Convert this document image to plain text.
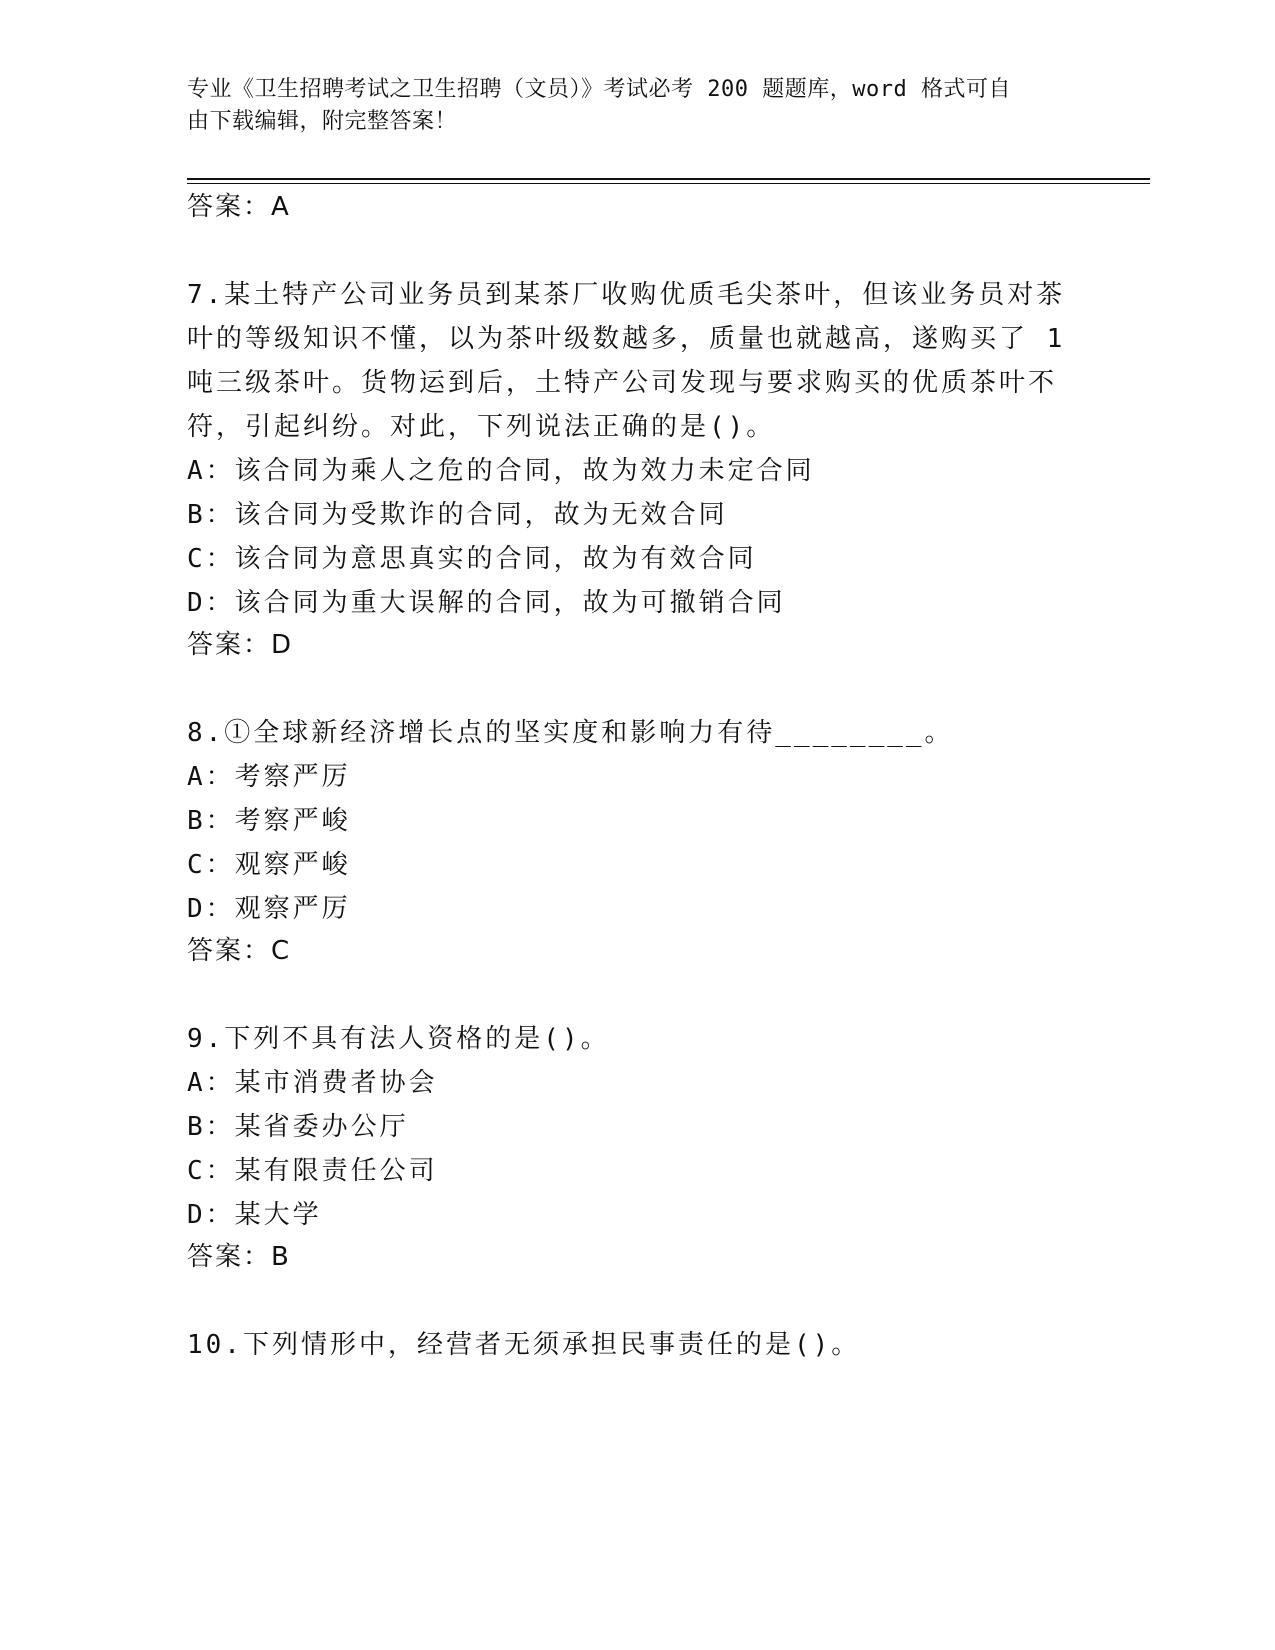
专业《卫生招聘考试之卫生招聘（文员）》考试必考 200 题题库，word 格式可自
由下载编辑，附完整答案！
答案：A
7.某土特产公司业务员到某茶厂收购优质毛尖茶叶，但该业务员对茶
叶的等级知识不懂，以为茶叶级数越多，质量也就越高，遂购买了 1
吨三级茶叶。货物运到后，土特产公司发现与要求购买的优质茶叶不
符，引起纠纷。对此，下列说法正确的是()。
A：该合同为乘人之危的合同，故为效力未定合同
B：该合同为受欺诈的合同，故为无效合同
C：该合同为意思真实的合同，故为有效合同
D：该合同为重大误解的合同，故为可撤销合同
答案：D
8.①全球新经济增长点的坚实度和影响力有待________。
A：考察严厉
B：考察严峻
C：观察严峻
D：观察严厉
答案：C
9.下列不具有法人资格的是()。
A：某市消费者协会
B：某省委办公厅
C：某有限责任公司
D：某大学
答案：B
10.下列情形中，经营者无须承担民事责任的是()。
